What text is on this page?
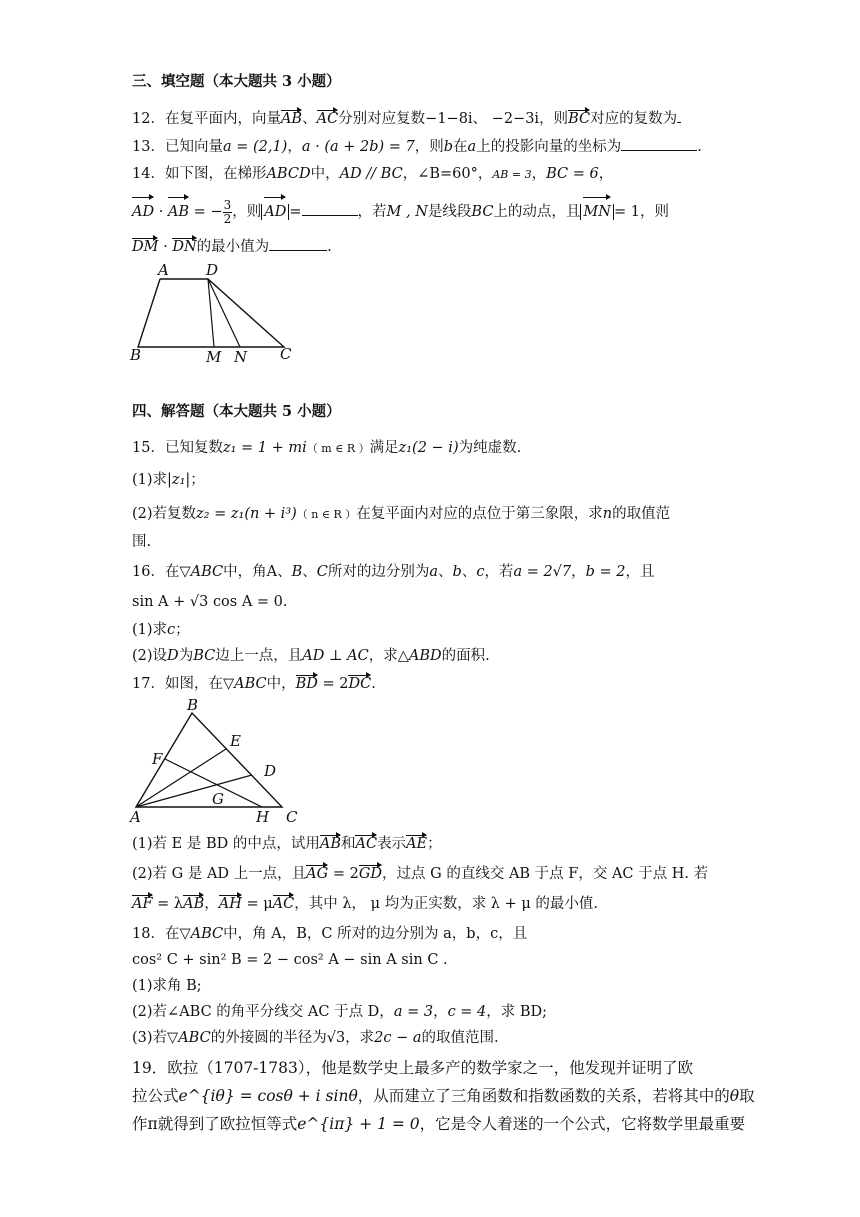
三、填空题（本大题共 3 小题）
12．在复平面内，向量AB、AC分别对应复数−1−8i、 −2−3i，则BC对应的复数为
13．已知向量a = (2,1)，a · (a + 2b) = 7，则b在a上的投影向量的坐标为	.
14．如下图，在梯形ABCD中，AD // BC，∠B=60°，AB = 3，BC = 6，
AD · AB = − $\frac{3}{2}$ ，则 AD =	，若M , N是线段BC上的动点，且 MN = 1，则
DM · DN的最小值为	.
A D
B	M N C
四、解答题（本大题共 5 小题）
15．已知复数z₁ = 1 + mi（ m ∈ R ）满足z₁(2 − i)为纯虚数.
(1)求|z₁|；
(2)若复数z₂ = z₁(n + i³)（ n ∈ R ）在复平面内对应的点位于第三象限，求n的取值范
围.
16．在▽ABC中，角A、B、C所对的边分别为a、b、c，若a = 2√7，b = 2，且
sin A + √3 cos A = 0.
(1)求c；
(2)设D为BC边上一点，且AD ⊥ AC，求△ABD的面积.
17．如图，在▽ABC中，BD = 2DC.
B
E
F
D
G
A	H C
(1)若 E 是 BD 的中点，试用AB和AC表示AE；
(2)若 G 是 AD 上一点，且AG = 2GD，过点 G 的直线交 AB 于点 F，交 AC 于点 H. 若
AF = λAB，AH = μAC，其中 λ， μ 均为正实数，求 λ + μ 的最小值.
18．在▽ABC中，角 A，B，C 所对的边分别为 a，b，c，且
cos² C + sin² B = 2 − cos² A − sin A sin C .
(1)求角 B;
(2)若∠ABC 的角平分线交 AC 于点 D，a = 3，c = 4，求 BD;
(3)若▽ABC的外接圆的半径为√3，求2c − a的取值范围.
19．欧拉（1707-1783），他是数学史上最多产的数学家之一，他发现并证明了欧
拉公式e^{iθ} = cosθ + i sinθ，从而建立了三角函数和指数函数的关系，若将其中的θ取
作π就得到了欧拉恒等式e^{iπ} + 1 = 0，它是令人着迷的一个公式，它将数学里最重要
